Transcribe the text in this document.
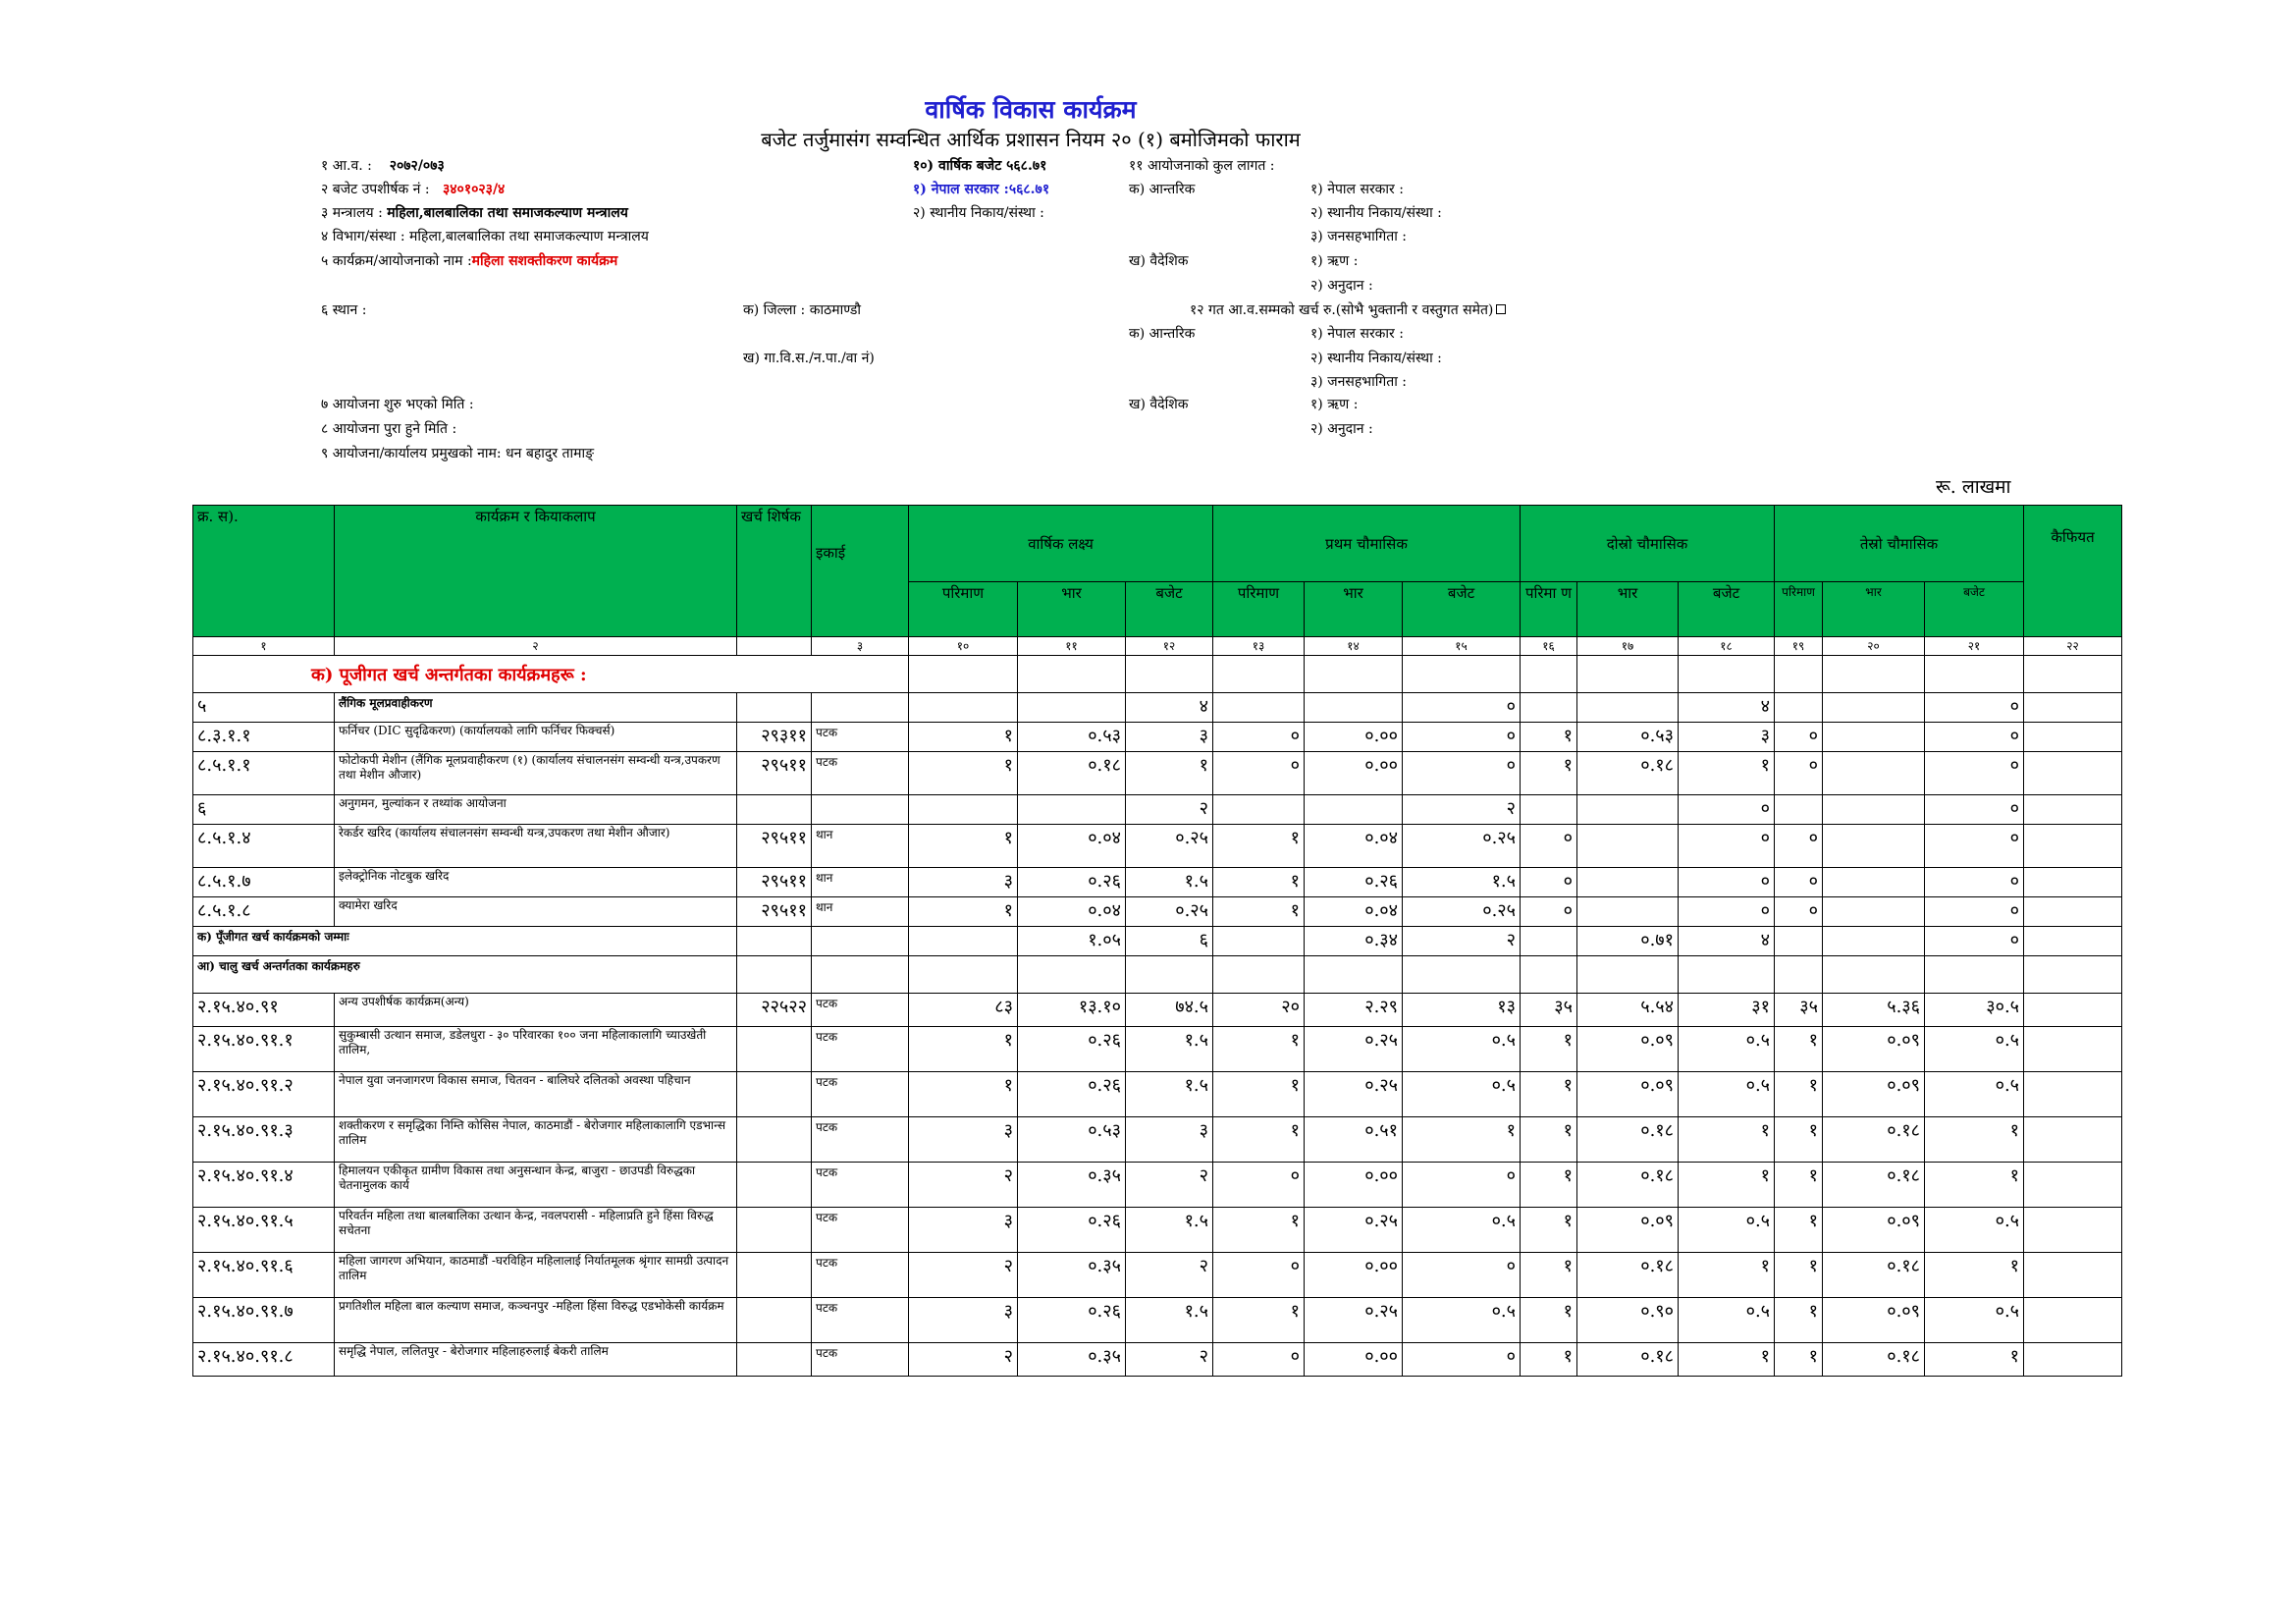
वार्षिक विकास कार्यक्रम
बजेट तर्जुमासंग सम्वन्धित आर्थिक प्रशासन नियम २० (१) बमोजिमको फाराम
१ आ.व. : २०७२/०७३
२ बजेट उपशीर्षक नं : ३४०१०२३/४
३ मन्त्रालय : महिला,बालबालिका तथा समाजकल्याण मन्त्रालय
४ विभाग/संस्था : महिला,बालबालिका तथा समाजकल्याण मन्त्रालय
५ कार्यक्रम/आयोजनाको नाम :महिला सशक्तीकरण कार्यक्रम
६ स्थान :	क) जिल्ला : काठमाण्डौ
ख) गा.वि.स./न.पा./वा नं)
७ आयोजना शुरु भएको मिति :
८ आयोजना पुरा हुने मिति :
९ आयोजना/कार्यालय प्रमुखको नाम: धन बहादुर तामाङ्
१०) वार्षिक बजेट ५६८.७१
१) नेपाल सरकार :५६८.७१
२) स्थानीय निकाय/संस्था :
११ आयोजनाको कुल लागत :
क) आन्तरिक	१) नेपाल सरकार :
२) स्थानीय निकाय/संस्था :
३) जनसहभागिता :
ख) वैदेशिक	१) ऋण :
२) अनुदान :
१२ गत आ.व.सम्मको खर्च रु.(सोभै भुक्तानी र वस्तुगत समेत)
क) आन्तरिक	१) नेपाल सरकार :
२) स्थानीय निकाय/संस्था :
३) जनसहभागिता :
ख) वैदेशिक	१) ऋण :
२) अनुदान :
रू. लाखमा
क्र. स).	कार्यक्रम र कियाकलाप	खर्च शिर्षक	इकाई	वार्षिक लक्ष्य			प्रथम चौमासिक			दोस्रो चौमासिक			तेस्रो चौमासिक			कैफियत
				परिमाण	भार	बजेट	परिमाण	भार	बजेट	परिमा ण	भार	बजेट	परिमाण	भार	बजेट	
१	२		३	१०	११	१२	१३	१४	१५	१६	१७	१८	१९	२०	२१	२२
क) पूजीगत खर्च अन्तर्गतका कार्यक्रमहरू :																
५	लैंगिक मूलप्रवाहीकरण					४			०			४			०	
८.३.१.१	फर्निचर (DIC सुदृढिकरण) (कार्यालयको लागि फर्निचर फिक्चर्स)	२९३११	पटक	१	०.५३	३	०	०.००	०	१	०.५३	३	०		०	
८.५.१.१	फोटोकपी मेशीन (लैंगिक मूलप्रवाहीकरण (१) (कार्यालय संचालनसंग सम्वन्धी यन्त्र,उपकरण तथा मेशीन औजार)	२९५११	पटक	१	०.१८	१	०	०.००	०	१	०.१८	१	०		०	
६	अनुगमन, मुल्यांकन र तथ्यांक आयोजना					२			२			०			०	
८.५.१.४	रेकर्डर खरिद (कार्यालय संचालनसंग सम्वन्धी यन्त्र,उपकरण तथा मेशीन औजार)	२९५११	थान	१	०.०४	०.२५	१	०.०४	०.२५	०		०	०		०	
८.५.१.७	इलेक्ट्रोनिक नोटबुक खरिद	२९५११	थान	३	०.२६	१.५	१	०.२६	१.५	०		०	०		०	
८.५.१.८	क्यामेरा खरिद	२९५११	थान	१	०.०४	०.२५	१	०.०४	०.२५	०		०	०		०	
क) पूँजीगत खर्च कार्यक्रमको जम्माः					१.०५	६		०.३४	२		०.७१	४			०	
आ) चालु खर्च अन्तर्गतका कार्यक्रमहरु																
२.१५.४०.९१	अन्य उपशीर्षक कार्यक्रम(अन्य)	२२५२२	पटक	८३	१३.१०	७४.५	२०	२.२९	१३	३५	५.५४	३१	३५	५.३६	३०.५	
२.१५.४०.९१.१	सुकुम्बासी उत्थान समाज, डडेलधुरा - ३० परिवारका १०० जना महिलाकालागि च्याउखेती तालिम,		पटक	१	०.२६	१.५	१	०.२५	०.५	१	०.०९	०.५	१	०.०९	०.५	
२.१५.४०.९१.२	नेपाल युवा जनजागरण विकास समाज, चितवन - बालिघरे दलितको अवस्था पहिचान		पटक	१	०.२६	१.५	१	०.२५	०.५	१	०.०९	०.५	१	०.०९	०.५	
२.१५.४०.९१.३	शक्तीकरण र समृद्धिका निम्ति कोसिस नेपाल, काठमाडौं - बेरोजगार महिलाकालागि एडभान्स तालिम		पटक	३	०.५३	३	१	०.५१	१	१	०.१८	१	१	०.१८	१	
२.१५.४०.९१.४	हिमालयन एकीकृत ग्रामीण विकास तथा अनुसन्धान केन्द्र, बाजुरा - छाउपडी विरुद्धका चेतनामुलक कार्य		पटक	२	०.३५	२	०	०.००	०	१	०.१८	१	१	०.१८	१	
२.१५.४०.९१.५	परिवर्तन महिला तथा बालबालिका उत्थान केन्द्र, नवलपरासी - महिलाप्रति हुने हिंसा विरुद्ध सचेतना		पटक	३	०.२६	१.५	१	०.२५	०.५	१	०.०९	०.५	१	०.०९	०.५	
२.१५.४०.९१.६	महिला जागरण अभियान, काठमाडौं -घरविहिन महिलालाई निर्यातमूलक श्रृंगार सामग्री उत्पादन तालिम		पटक	२	०.३५	२	०	०.००	०	१	०.१८	१	१	०.१८	१	
२.१५.४०.९१.७	प्रगतिशील महिला बाल कल्याण समाज, कञ्चनपुर -महिला हिंसा विरुद्ध एडभोकेसी कार्यक्रम		पटक	३	०.२६	१.५	१	०.२५	०.५	१	०.९०	०.५	१	०.०९	०.५	
२.१५.४०.९१.८	समृद्धि नेपाल, ललितपुर - बेरोजगार महिलाहरुलाई बेकरी तालिम		पटक	२	०.३५	२	०	०.००	०	१	०.१८	१	१	०.१८	१	
